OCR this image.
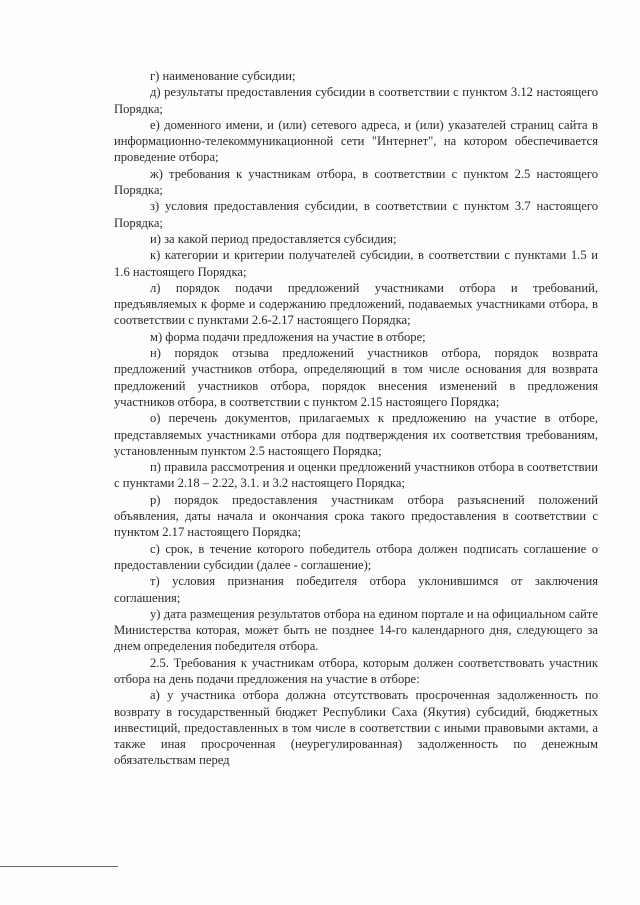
г) наименование субсидии;

д) результаты предоставления субсидии в соответствии с пунктом 3.12 настоящего Порядка;

е) доменного имени, и (или) сетевого адреса, и (или) указателей страниц сайта в информационно-телекоммуникационной сети "Интернет", на котором обеспечивается проведение отбора;

ж) требования к участникам отбора, в соответствии с пунктом 2.5 настоящего Порядка;

з) условия предоставления субсидии, в соответствии с пунктом 3.7 настоящего Порядка;

и) за какой период предоставляется субсидия;

к) категории и критерии получателей субсидии, в соответствии с пунктами 1.5 и 1.6 настоящего Порядка;

л) порядок подачи предложений участниками отбора и требований, предъявляемых к форме и содержанию предложений, подаваемых участниками отбора, в соответствии с пунктами 2.6-2.17 настоящего Порядка;

м) форма подачи предложения на участие в отборе;

н) порядок отзыва предложений участников отбора, порядок возврата предложений участников отбора, определяющий в том числе основания для возврата предложений участников отбора, порядок внесения изменений в предложения участников отбора, в соответствии с пунктом 2.15 настоящего Порядка;

о) перечень документов, прилагаемых к предложению на участие в отборе, представляемых участниками отбора для подтверждения их соответствия требованиям, установленным пунктом 2.5 настоящего Порядка;

п) правила рассмотрения и оценки предложений участников отбора в соответствии с пунктами 2.18 – 2.22, 3.1. и 3.2 настоящего Порядка;

р) порядок предоставления участникам отбора разъяснений положений объявления, даты начала и окончания срока такого предоставления в соответствии с пунктом 2.17 настоящего Порядка;

с) срок, в течение которого победитель отбора должен подписать соглашение о предоставлении субсидии (далее - соглашение);

т) условия признания победителя отбора уклонившимся от заключения соглашения;

у) дата размещения результатов отбора на едином портале и на официальном сайте Министерства которая, может быть не позднее 14-го календарного дня, следующего за днем определения победителя отбора.

2.5. Требования к участникам отбора, которым должен соответствовать участник отбора на день подачи предложения на участие в отборе:

а) у участника отбора должна отсутствовать просроченная задолженность по возврату в государственный бюджет Республики Саха (Якутия) субсидий, бюджетных инвестиций, предоставленных в том числе в соответствии с иными правовыми актами, а также иная просроченная (неурегулированная) задолженность по денежным обязательствам перед
